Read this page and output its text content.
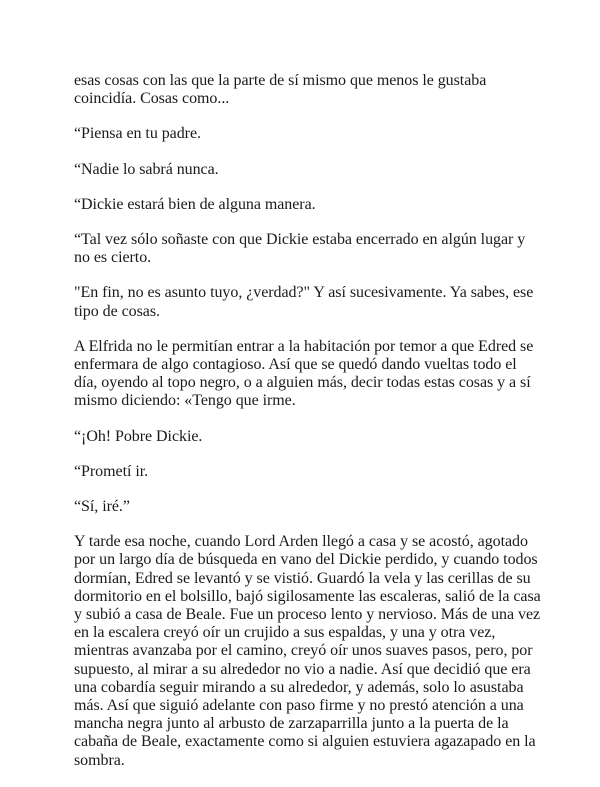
esas cosas con las que la parte de sí mismo que menos le gustaba coincidía. Cosas como...

“Piensa en tu padre.

“Nadie lo sabrá nunca.

“Dickie estará bien de alguna manera.

“Tal vez sólo soñaste con que Dickie estaba encerrado en algún lugar y no es cierto.

"En fin, no es asunto tuyo, ¿verdad?" Y así sucesivamente. Ya sabes, ese tipo de cosas.

A Elfrida no le permitían entrar a la habitación por temor a que Edred se enfermara de algo contagioso. Así que se quedó dando vueltas todo el día, oyendo al topo negro, o a alguien más, decir todas estas cosas y a sí mismo diciendo: «Tengo que irme.

“¡Oh! Pobre Dickie.

“Prometí ir.

“Sí, iré.”

Y tarde esa noche, cuando Lord Arden llegó a casa y se acostó, agotado por un largo día de búsqueda en vano del Dickie perdido, y cuando todos dormían, Edred se levantó y se vistió. Guardó la vela y las cerillas de su dormitorio en el bolsillo, bajó sigilosamente las escaleras, salió de la casa y subió a casa de Beale. Fue un proceso lento y nervioso. Más de una vez en la escalera creyó oír un crujido a sus espaldas, y una y otra vez, mientras avanzaba por el camino, creyó oír unos suaves pasos, pero, por supuesto, al mirar a su alrededor no vio a nadie. Así que decidió que era una cobardía seguir mirando a su alrededor, y además, solo lo asustaba más. Así que siguió adelante con paso firme y no prestó atención a una mancha negra junto al arbusto de zarzaparrilla junto a la puerta de la cabaña de Beale, exactamente como si alguien estuviera agazapado en la sombra.
